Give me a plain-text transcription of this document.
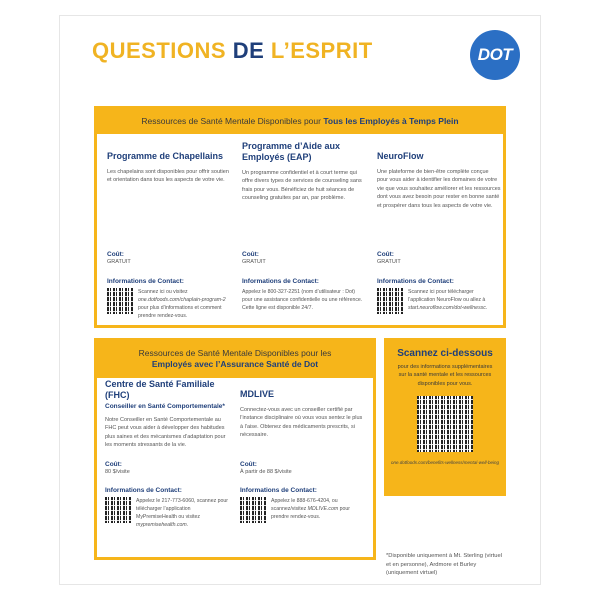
QUESTIONS DE L’ESPRIT	DOT
Ressources de Santé Mentale Disponibles pour Tous les Employés à Temps Plein
Programme de Chapellains

Les chapelains sont disponibles pour offrir soutien et orientation dans tous les aspects de votre vie.

Coût:
GRATUIT
Informations de Contact:

Scannez ici ou visitez one.dotfoods.com/chaplain-program-2 pour plus d’informations et comment prendre rendez-vous.

Programme d’Aide aux Employés (EAP)

Un programme confidentiel et à court terme qui offre divers types de services de counseling sans frais pour vous. Bénéficiez de huit séances de counseling gratuites par an, par problème.

Coût:
GRATUIT
Informations de Contact:

Appelez le 800-327-2251 (nom d’utilisateur : Dot) pour une assistance confidentielle ou une référence. Cette ligne est disponible 24/7.

NeuroFlow

Une plateforme de bien-être complète conçue pour vous aider à identifier les domaines de votre vie que vous souhaitez améliorer et les ressources dont vous avez besoin pour rester en bonne santé et prospérer dans tous les aspects de votre vie.

Coût:
GRATUIT
Informations de Contact:

Scannez ici pour télécharger l’application NeuroFlow ou allez à start.neuroflow.com/dot-wellnessc.

Ressources de Santé Mentale Disponibles pour les
Employés avec l’Assurance Santé de Dot
Centre de Santé Familiale (FHC)
Conseiller en Santé Comportementale*

Notre Conseiller en Santé Comportementale au FHC peut vous aider à développer des habitudes plus saines et des mécanismes d’adaptation pour les moments stressants de la vie.

Coût:
80 $/visite
Informations de Contact:

Appelez le 217-773-6060, scannez pour télécharger l’application MyPremiseHealth ou visitez mypremisehealth.com.

MDLIVE

Connectez-vous avec un conseiller certifié par l’instance disciplinaire où vous vous sentez le plus à l’aise. Obtenez des médicaments prescrits, si nécessaire.

Coût:
À partir de 88 $/visite
Informations de Contact:

Appelez le 888-676-4204, ou scannez/visitez MDLIVE.com pour prendre rendez-vous.

Scannez ci-dessous

pour des informations supplémentaires sur la santé mentale et les ressources disponibles pour vous.

one.dotfoods.com/benefits-wellness/mental-well-being
*Disponible uniquement à Mt. Sterling (virtuel et en personne), Ardmore et Burley (uniquement virtuel)
